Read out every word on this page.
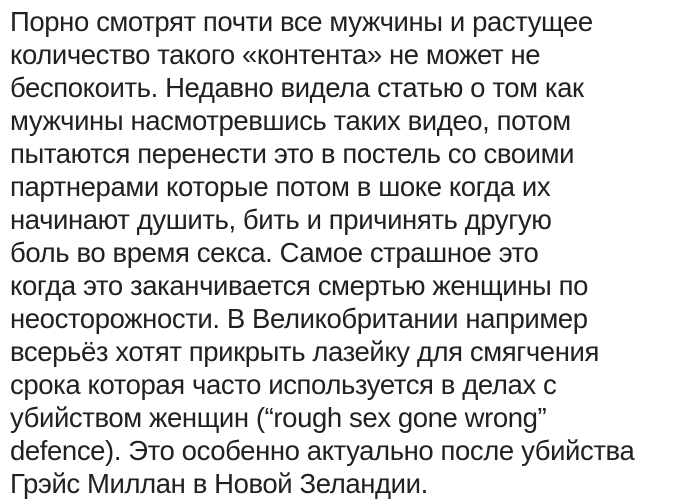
Порно смотрят почти все мужчины и растущее
количество такого «контента» не может не
беспокоить. Недавно видела статью о том как
мужчины насмотревшись таких видео, потом
пытаются перенести это в постель со своими
партнерами которые потом в шоке когда их
начинают душить, бить и причинять другую
боль во время секса. Самое страшное это
когда это заканчивается смертью женщины по
неосторожности. В Великобритании например
всерьёз хотят прикрыть лазейку для смягчения
срока которая часто используется в делах с
убийством женщин (“rough sex gone wrong”
defence). Это особенно актуально после убийства
Грэйс Миллан в Новой Зеландии.
